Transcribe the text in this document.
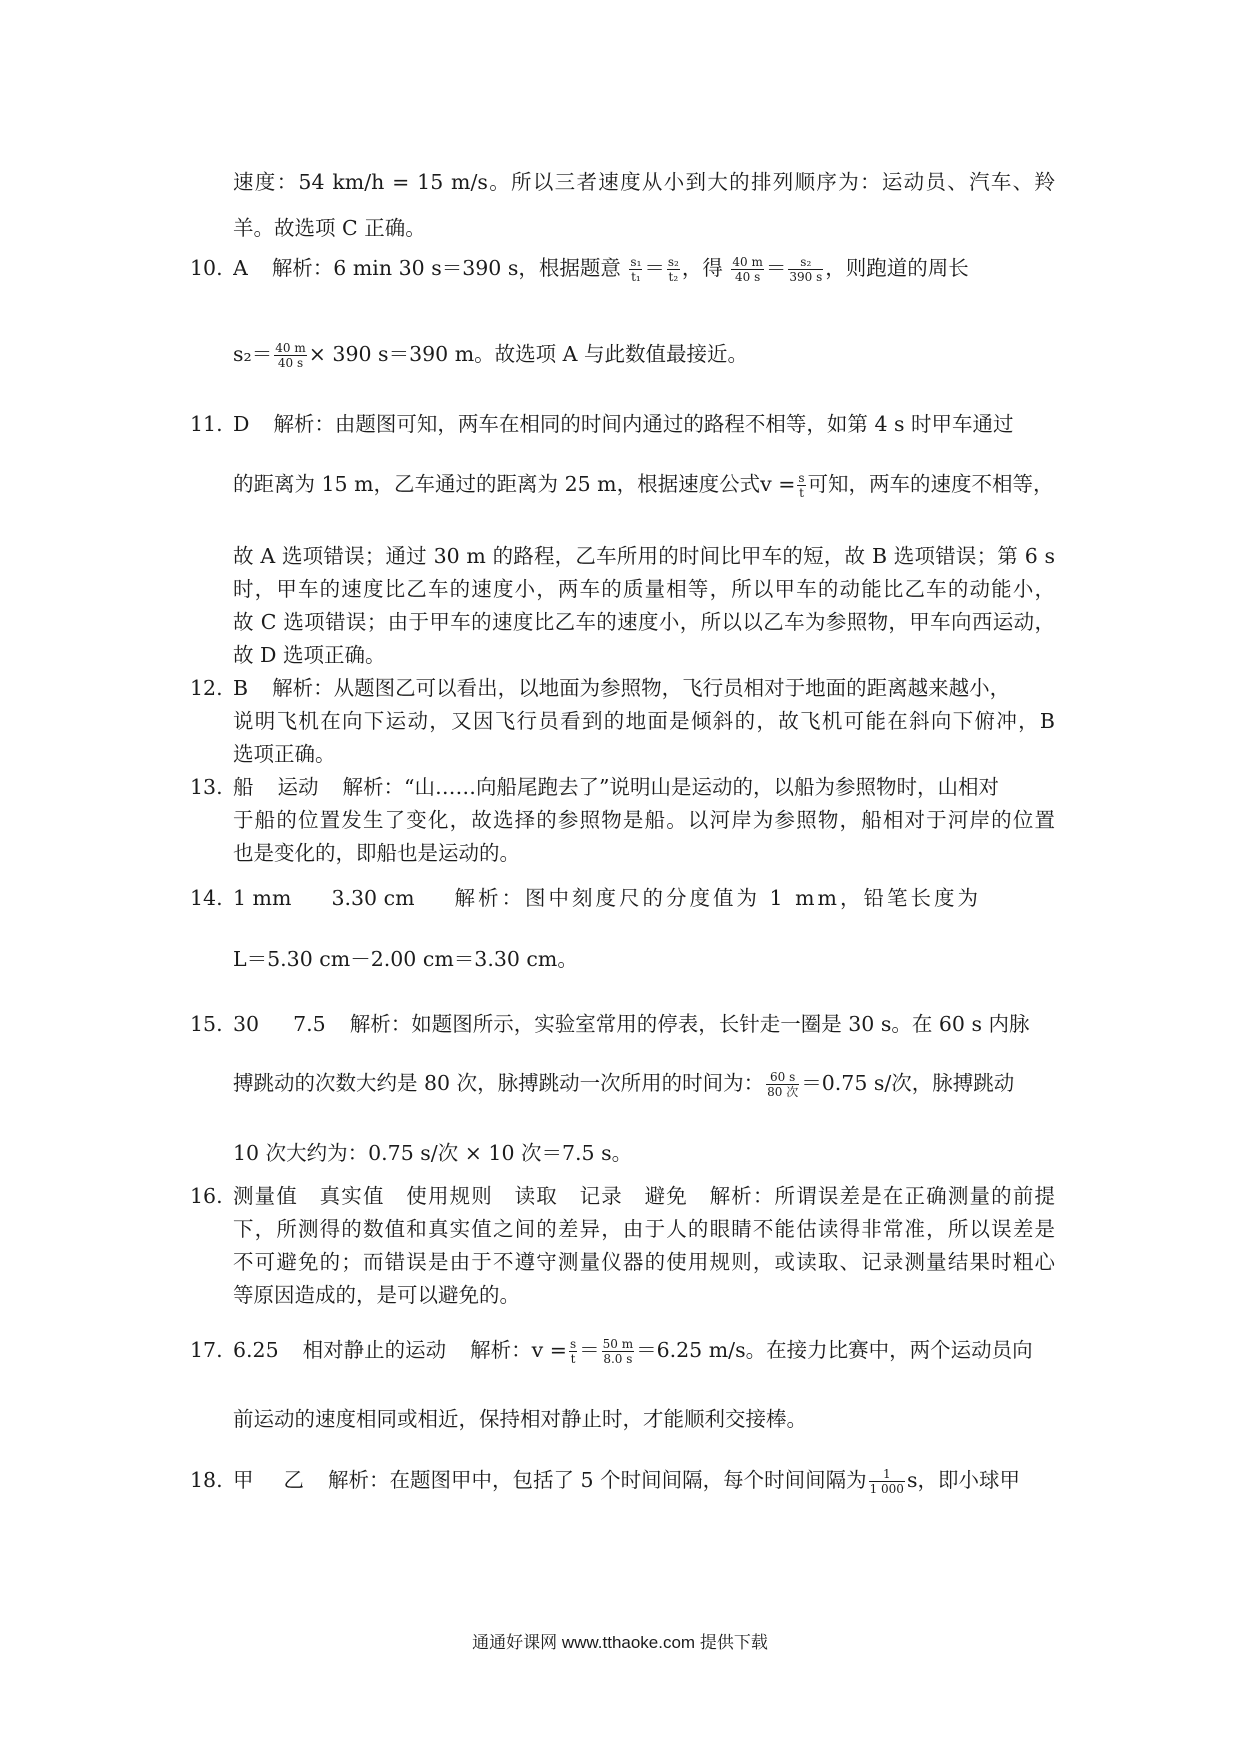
速度：54 km/h = 15 m/s。所以三者速度从小到大的排列顺序为：运动员、汽车、羚
羊。故选项 C 正确。
10. A 解析：6 min 30 s＝390 s，根据题意 $\frac{\text{s₁}}{\text{t₁}} = \frac{\text{s₂}}{\text{t₂}}$ ，得 $\frac{40 m}{40 s} = \frac{\text{s₂}}{390 s}$ ，则跑道的周长
$s_2= \frac{40 m}{40 s} \times 390$ s＝390 m。故选项 A 与此数值最接近。
11. D 解析：由题图可知，两车在相同的时间内通过的路程不相等，如第 4 s 时甲车通过
的距离为 15 m，乙车通过的距离为 25 m，根据速度公式$v = \frac{s}{t}$ 可知，两车的速度不相等，
故 A 选项错误；通过 30 m 的路程，乙车所用的时间比甲车的短，故 B 选项错误；第 6 s
时，甲车的速度比乙车的速度小，两车的质量相等，所以甲车的动能比乙车的动能小，
故 C 选项错误；由于甲车的速度比乙车的速度小，所以以乙车为参照物，甲车向西运动，
故 D 选项正确。
12. B 解析：从题图乙可以看出，以地面为参照物，飞行员相对于地面的距离越来越小，
说明飞机在向下运动，又因飞行员看到的地面是倾斜的，故飞机可能在斜向下俯冲，B
选项正确。
13. 船 运动 解析：“山……向船尾跑去了”说明山是运动的，以船为参照物时，山相对
于船的位置发生了变化，故选择的参照物是船。以河岸为参照物，船相对于河岸的位置
也是变化的，即船也是运动的。
14. 1 mm 3.30 cm 解析：图中刻度尺的分度值为 1 mm，铅笔长度为
L＝5.30 cm－2.00 cm＝3.30 cm。
15. 30 7.5 解析：如题图所示，实验室常用的停表，长针走一圈是 30 s。在 60 s 内脉
搏跳动的次数大约是 80 次，脉搏跳动一次所用的时间为： $\frac{60 s}{\text{80 次}} =0.75$ s/次，脉搏跳动
10 次大约为：0.75 s/次 × 10 次＝7.5 s。
16. 测量值　真实值　使用规则　读取　记录　避免　解析：所谓误差是在正确测量的前提
下，所测得的数值和真实值之间的差异，由于人的眼睛不能估读得非常准，所以误差是
不可避免的；而错误是由于不遵守测量仪器的使用规则，或读取、记录测量结果时粗心
等原因造成的，是可以避免的。
17. 6.25 相对静止的运动 解析：$v = \frac{s}{t} = \frac{50 m}{8.0 s} =6.25$ m/s。在接力比赛中，两个运动员向
前运动的速度相同或相近，保持相对静止时，才能顺利交接棒。
18. 甲 乙 解析：在题图甲中，包括了 5 个时间间隔，每个时间间隔为 $\frac{1}{1 000}$ s，即小球甲
通通好课网 www.tthaoke.com 提供下载
